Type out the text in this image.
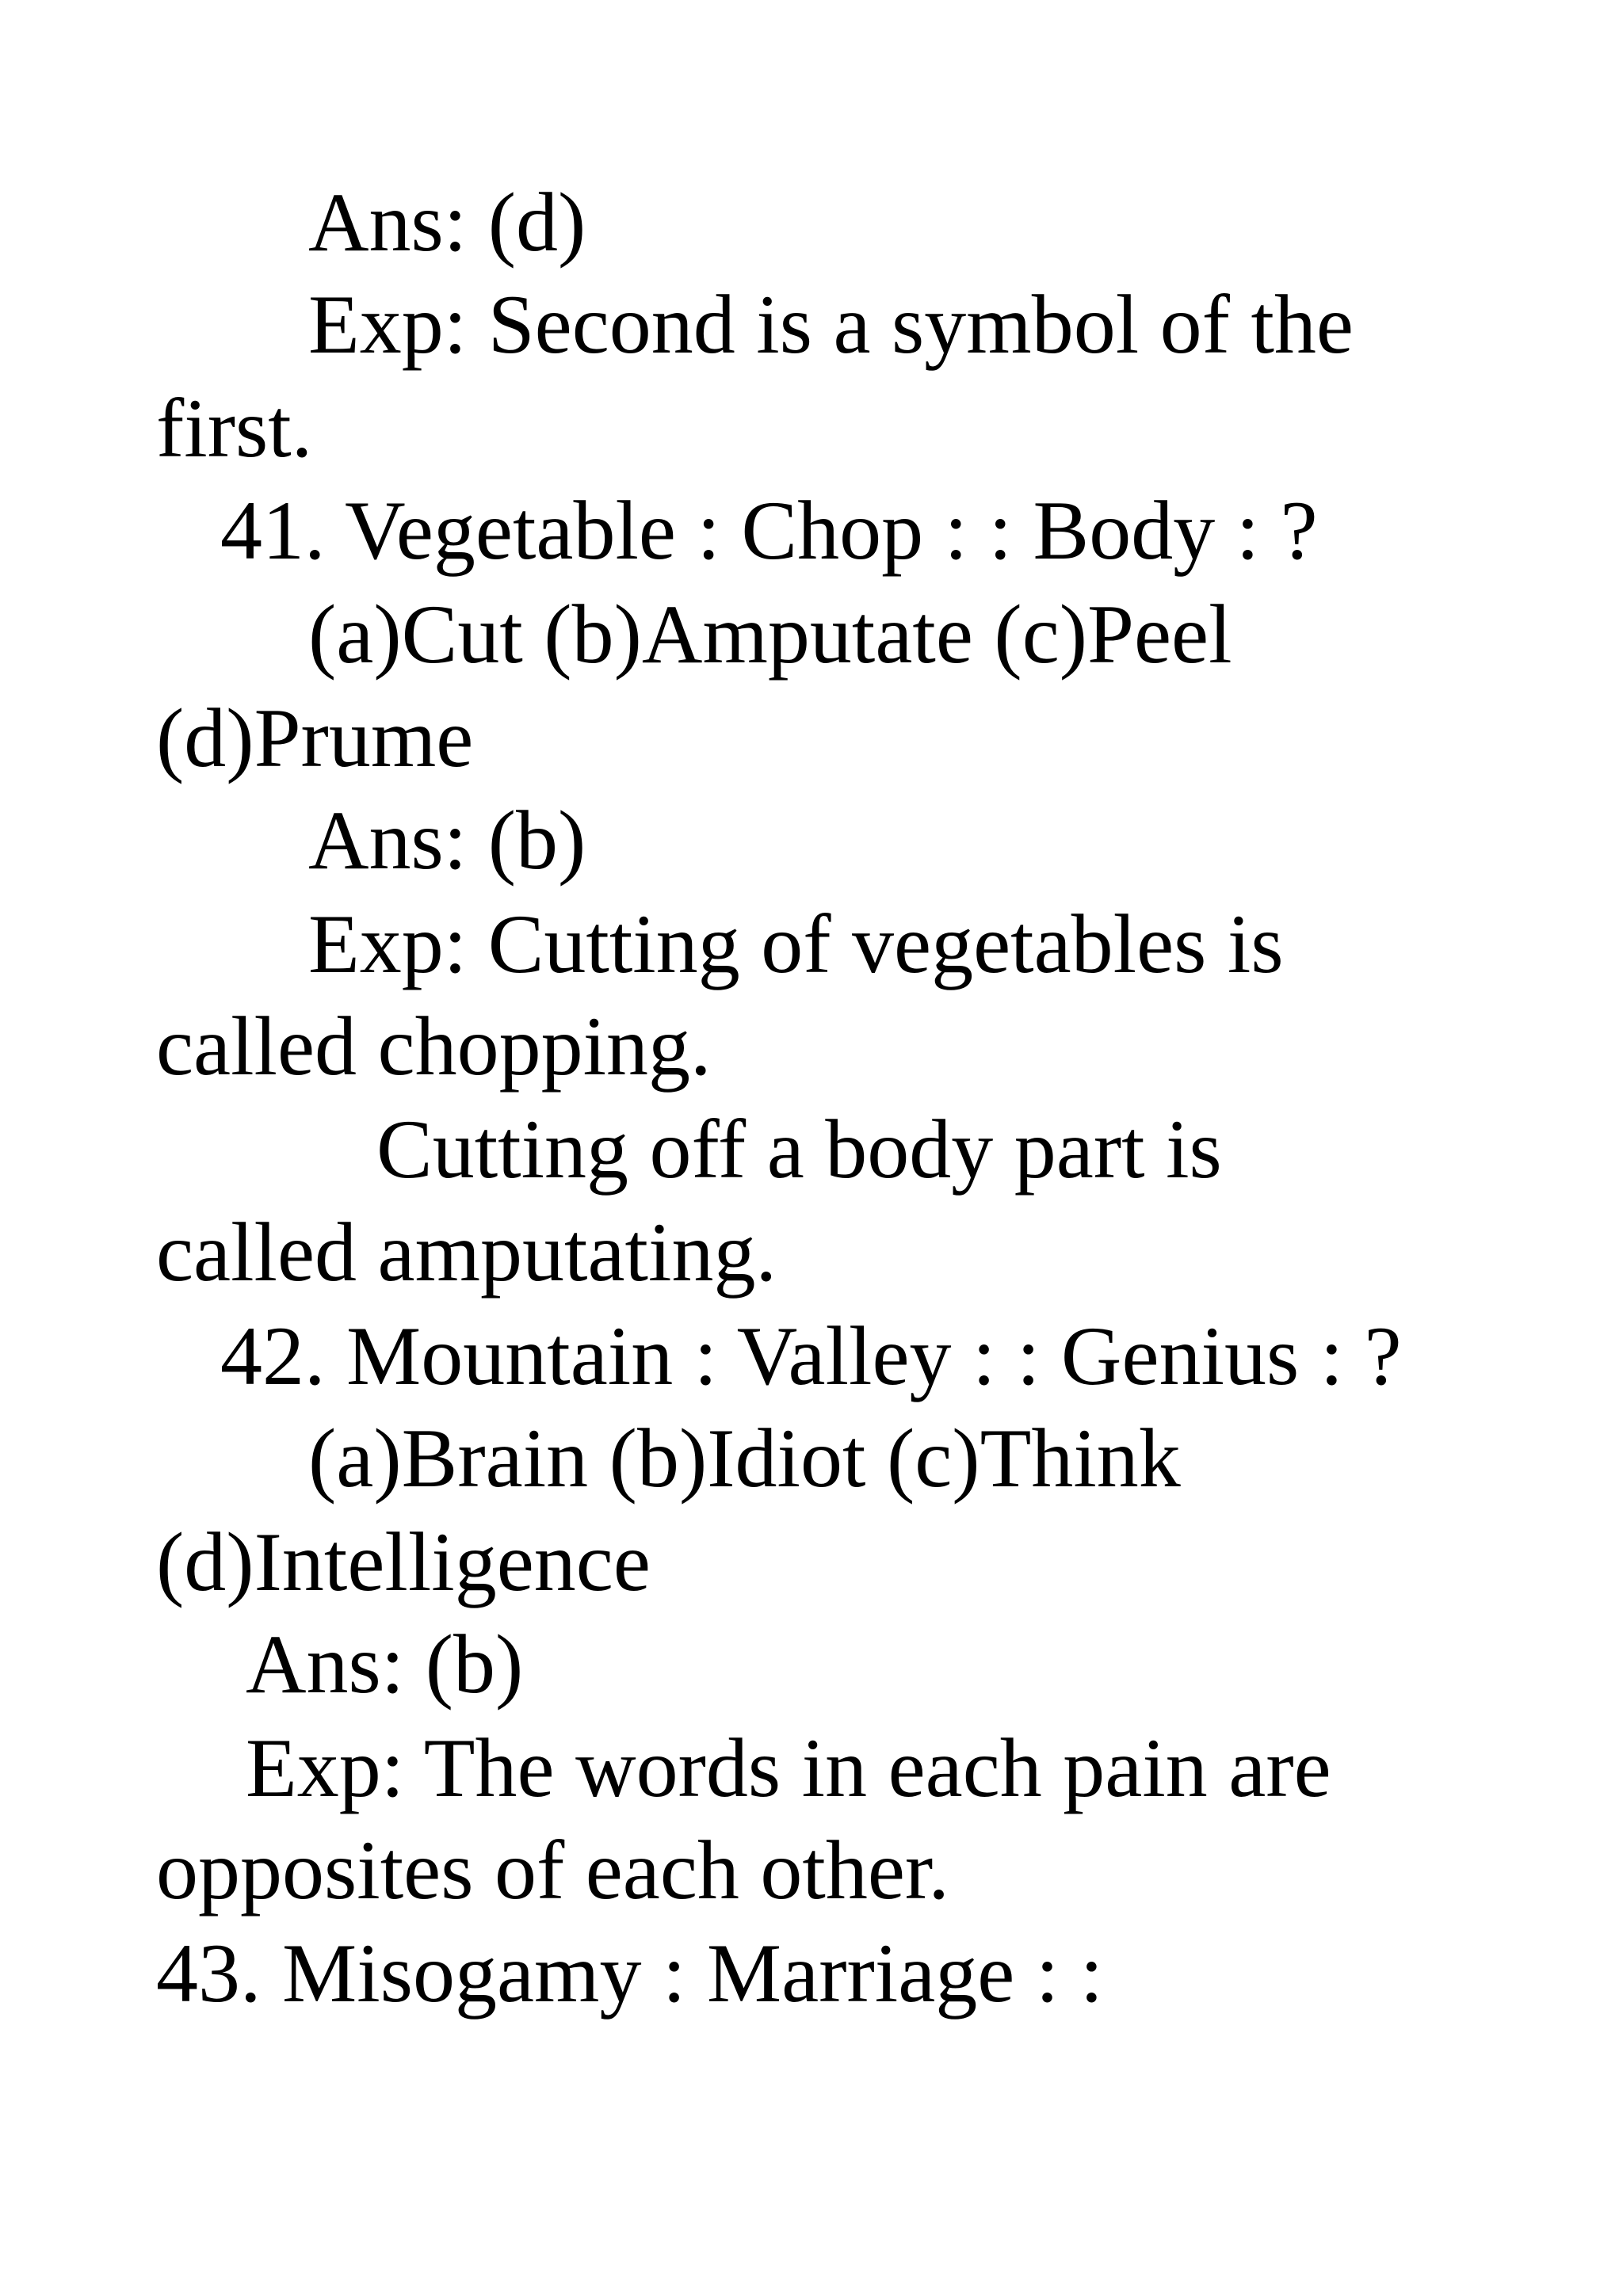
Ans: (d)
Exp: Second is a symbol of the
first.
41. Vegetable : Chop : : Body : ?
(a)Cut (b)Amputate (c)Peel
(d)Prume
Ans: (b)
Exp: Cutting of vegetables is
called chopping.
Cutting off a body part is
called amputating.
42. Mountain : Valley : : Genius : ?
(a)Brain (b)Idiot (c)Think
(d)Intelligence
Ans: (b)
Exp: The words in each pain are
opposites of each other.
43. Misogamy : Marriage : :
